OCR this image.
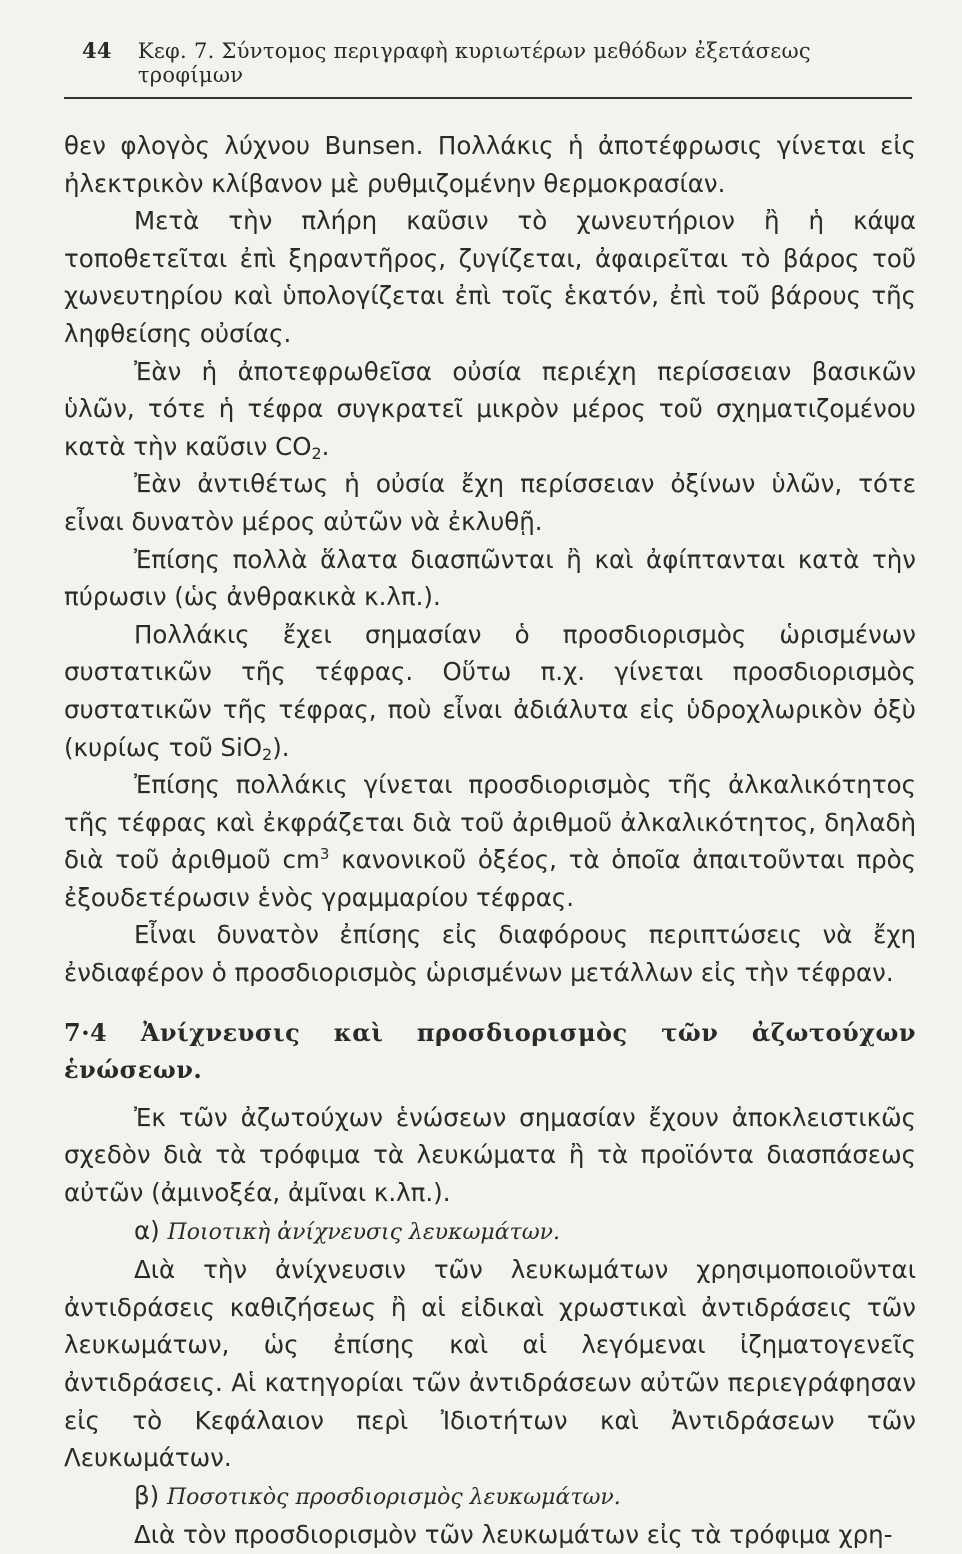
44 Κεφ. 7. Σύντομος περιγραφὴ κυριωτέρων μεθόδων ἐξετάσεως τροφίμων

θεν φλογὸς λύχνου Bunsen. Πολλάκις ἡ ἀποτέφρωσις γίνεται εἰς ἠλεκτρικὸν κλίβανον μὲ ρυθμιζομένην θερμοκρασίαν.

Μετὰ τὴν πλήρη καῦσιν τὸ χωνευτήριον ἢ ἡ κάψα τοποθετεῖται ἐπὶ ξηραντῆρος, ζυγίζεται, ἀφαιρεῖται τὸ βάρος τοῦ χωνευτηρίου καὶ ὑπολογίζεται ἐπὶ τοῖς ἑκατόν, ἐπὶ τοῦ βάρους τῆς ληφθείσης οὐσίας.

Ἐὰν ἡ ἀποτεφρωθεῖσα οὐσία περιέχη περίσσειαν βασικῶν ὑλῶν, τότε ἡ τέφρα συγκρατεῖ μικρὸν μέρος τοῦ σχηματιζομένου κατὰ τὴν καῦσιν $CO_2$.

Ἐὰν ἀντιθέτως ἡ οὐσία ἔχη περίσσειαν ὀξίνων ὑλῶν, τότε εἶναι δυνατὸν μέρος αὐτῶν νὰ ἐκλυθῇ.

Ἐπίσης πολλὰ ἅλατα διασπῶνται ἢ καὶ ἀφίπτανται κατὰ τὴν πύρωσιν (ὡς ἀνθρακικὰ κ.λπ.).

Πολλάκις ἔχει σημασίαν ὁ προσδιορισμὸς ὡρισμένων συστατικῶν τῆς τέφρας. Οὕτω π.χ. γίνεται προσδιορισμὸς συστατικῶν τῆς τέφρας, ποὺ εἶναι ἀδιάλυτα εἰς ὑδροχλωρικὸν ὀξὺ (κυρίως τοῦ SiO$_2$).

Ἐπίσης πολλάκις γίνεται προσδιορισμὸς τῆς ἀλκαλικότητος τῆς τέφρας καὶ ἐκφράζεται διὰ τοῦ ἀριθμοῦ ἀλκαλικότητος, δηλαδὴ διὰ τοῦ ἀριθμοῦ $cm^3$ κανονικοῦ ὀξέος, τὰ ὁποῖα ἀπαιτοῦνται πρὸς ἐξουδετέρωσιν ἑνὸς γραμμαρίου τέφρας.

Εἶναι δυνατὸν ἐπίσης εἰς διαφόρους περιπτώσεις νὰ ἔχη ἐνδιαφέρον ὁ προσδιορισμὸς ὡρισμένων μετάλλων εἰς τὴν τέφραν.

7·4 Ἀνίχνευσις καὶ προσδιορισμὸς τῶν ἀζωτούχων ἑνώσεων.

Ἐκ τῶν ἀζωτούχων ἑνώσεων σημασίαν ἔχουν ἀποκλειστικῶς σχεδὸν διὰ τὰ τρόφιμα τὰ λευκώματα ἢ τὰ προϊόντα διασπάσεως αὐτῶν (ἀμινοξέα, ἀμῖναι κ.λπ.).

α) Ποιοτικὴ ἀνίχνευσις λευκωμάτων.

Διὰ τὴν ἀνίχνευσιν τῶν λευκωμάτων χρησιμοποιοῦνται ἀντιδράσεις καθιζήσεως ἢ αἱ εἰδικαὶ χρωστικαὶ ἀντιδράσεις τῶν λευκωμάτων, ὡς ἐπίσης καὶ αἱ λεγόμεναι ἰζηματογενεῖς ἀντιδράσεις. Αἱ κατηγορίαι τῶν ἀντιδράσεων αὐτῶν περιεγράφησαν εἰς τὸ Κεφάλαιον περὶ Ἰδιοτήτων καὶ Ἀντιδράσεων τῶν Λευκωμάτων.

β) Ποσοτικὸς προσδιορισμὸς λευκωμάτων.

Διὰ τὸν προσδιορισμὸν τῶν λευκωμάτων εἰς τὰ τρόφιμα χρη-
